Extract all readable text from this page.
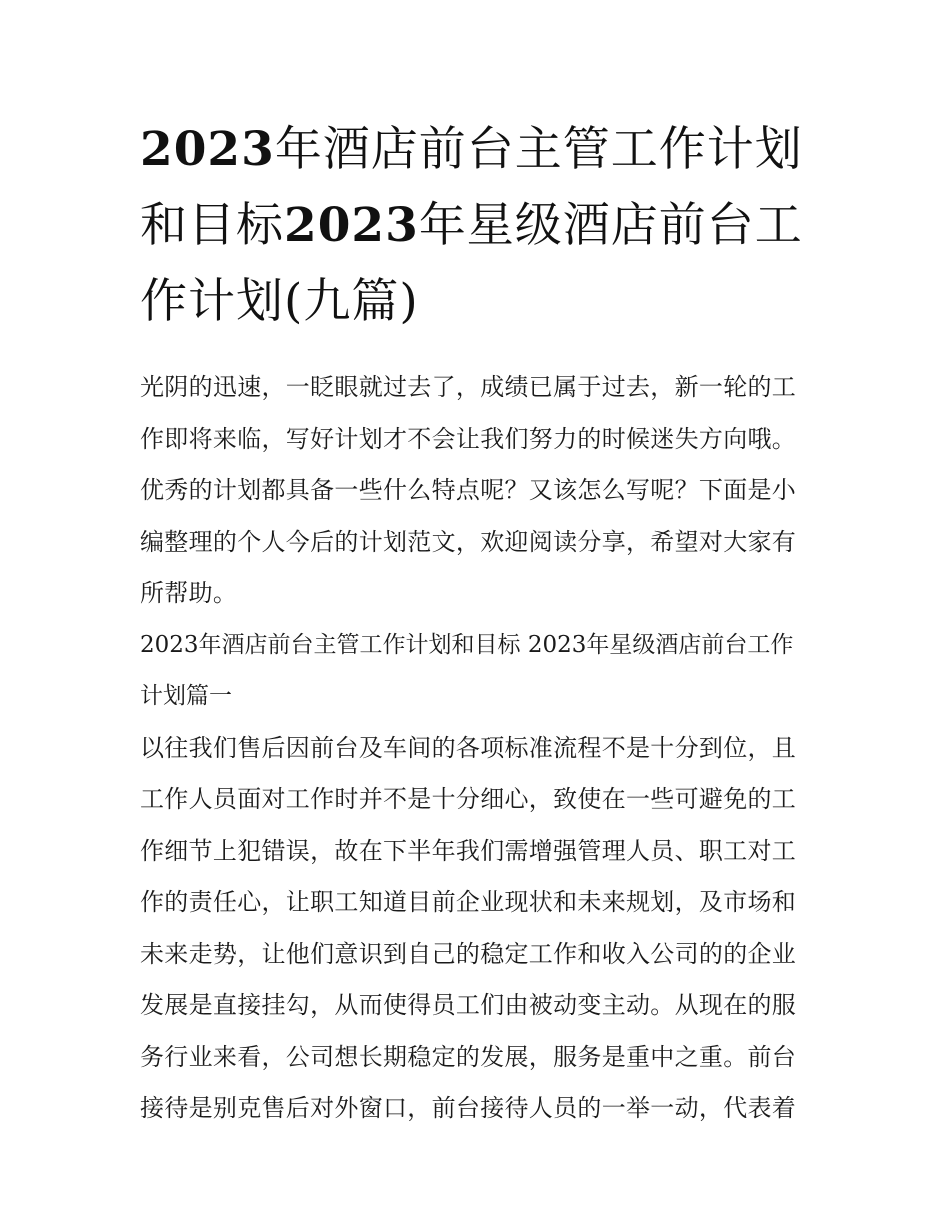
2023年酒店前台主管工作计划和目标2023年星级酒店前台工作计划(九篇)

光阴的迅速，一眨眼就过去了，成绩已属于过去，新一轮的工作即将来临，写好计划才不会让我们努力的时候迷失方向哦。优秀的计划都具备一些什么特点呢？又该怎么写呢？下面是小编整理的个人今后的计划范文，欢迎阅读分享，希望对大家有所帮助。

2023年酒店前台主管工作计划和目标 2023年星级酒店前台工作计划篇一

以往我们售后因前台及车间的各项标准流程不是十分到位，且工作人员面对工作时并不是十分细心，致使在一些可避免的工作细节上犯错误，故在下半年我们需增强管理人员、职工对工作的责任心，让职工知道目前企业现状和未来规划，及市场和未来走势，让他们意识到自己的稳定工作和收入公司的的企业发展是直接挂勾，从而使得员工们由被动变主动。从现在的服务行业来看，公司想长期稳定的发展，服务是重中之重。前台接待是别克售后对外窗口，前台接待人员的一举一动，代表着
